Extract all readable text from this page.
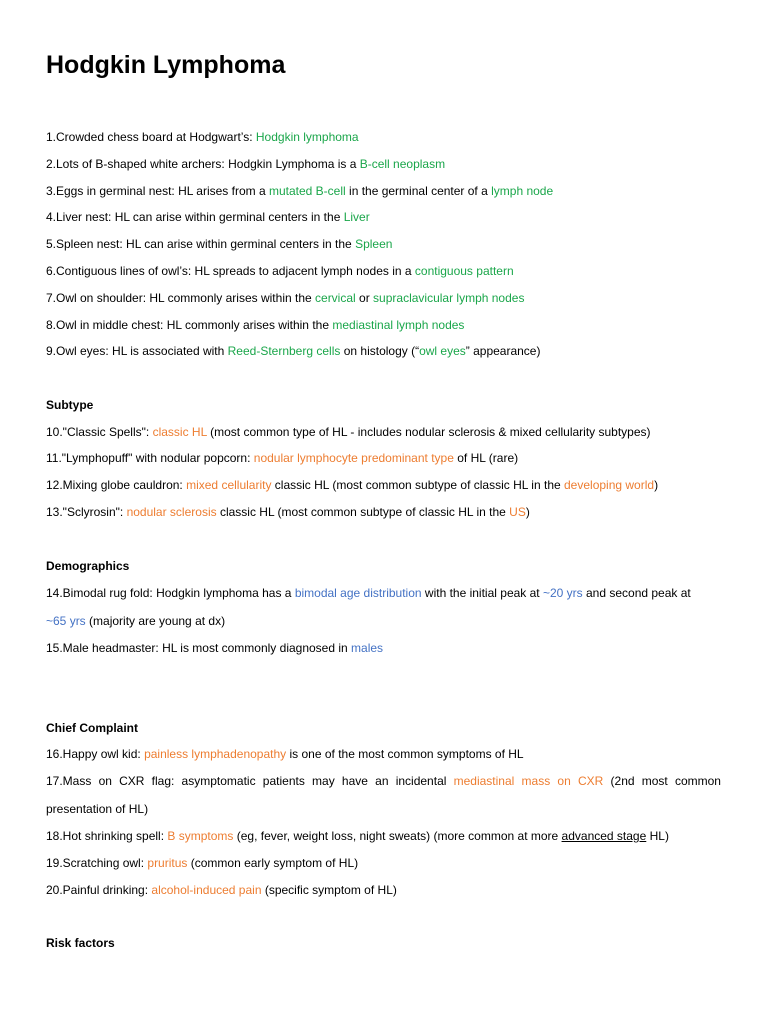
Hodgkin Lymphoma
1.Crowded chess board at Hodgwart’s: Hodgkin lymphoma
2.Lots of B-shaped white archers: Hodgkin Lymphoma is a B-cell neoplasm
3.Eggs in germinal nest: HL arises from a mutated B-cell in the germinal center of a lymph node
4.Liver nest: HL can arise within germinal centers in the Liver
5.Spleen nest: HL can arise within germinal centers in the Spleen
6.Contiguous lines of owl’s: HL spreads to adjacent lymph nodes in a contiguous pattern
7.Owl on shoulder: HL commonly arises within the cervical or supraclavicular lymph nodes
8.Owl in middle chest: HL commonly arises within the mediastinal lymph nodes
9.Owl eyes: HL is associated with Reed-Sternberg cells on histology (“owl eyes” appearance)
Subtype
10."Classic Spells": classic HL (most common type of HL - includes nodular sclerosis & mixed cellularity subtypes)
11."Lymphopuff" with nodular popcorn: nodular lymphocyte predominant type of HL (rare)
12.Mixing globe cauldron: mixed cellularity classic HL (most common subtype of classic HL in the developing world)
13."Sclyrosin": nodular sclerosis classic HL (most common subtype of classic HL in the US)
Demographics
14.Bimodal rug fold: Hodgkin lymphoma has a bimodal age distribution with the initial peak at ~20 yrs and second peak at
~65 yrs (majority are young at dx)
15.Male headmaster: HL is most commonly diagnosed in males
Chief Complaint
16.Happy owl kid: painless lymphadenopathy is one of the most common symptoms of HL
17.Mass on CXR flag: asymptomatic patients may have an incidental mediastinal mass on CXR (2nd most common
presentation of HL)
18.Hot shrinking spell: B symptoms (eg, fever, weight loss, night sweats) (more common at more advanced stage HL)
19.Scratching owl: pruritus (common early symptom of HL)
20.Painful drinking: alcohol-induced pain (specific symptom of HL)
Risk factors
